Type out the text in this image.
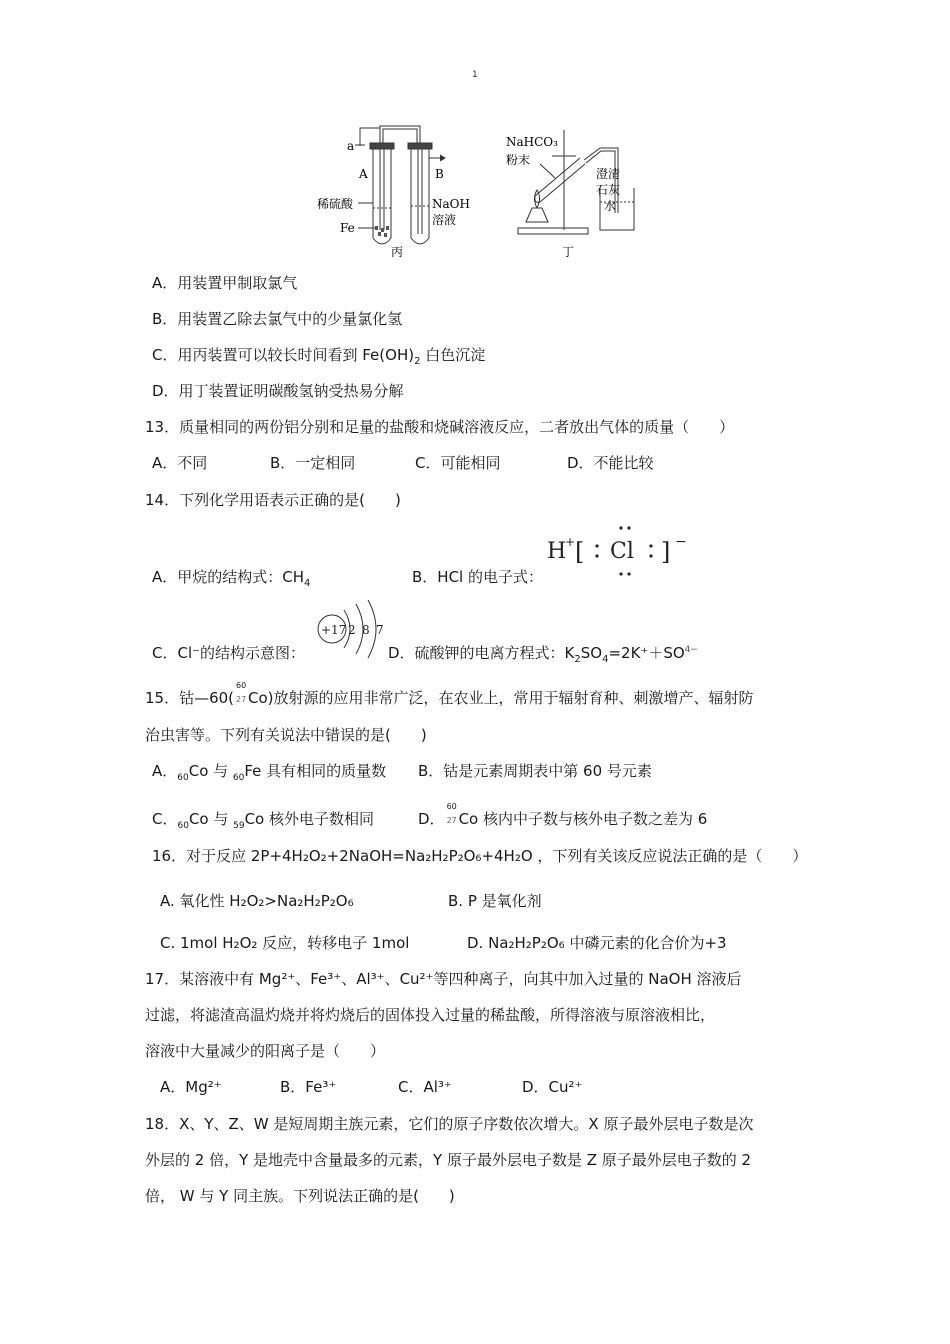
1
a
A	B
稀硫酸
Fe
NaOH
溶液
丙
NaHCO₃
粉末
澄清
石灰
水
丁
A．用装置甲制取氯气
B．用装置乙除去氯气中的少量氯化氢
C．用丙装置可以较长时间看到 $Fe(OH)_2$ 白色沉淀
D．用丁装置证明碳酸氢钠受热易分解
13．质量相同的两份铝分别和足量的盐酸和烧碱溶液反应，二者放出气体的质量（　　）
A．不同	B．一定相同	C．可能相同	D．不能比较
14．下列化学用语表示正确的是(　　)
A．甲烷的结构式：$CH_4$	B．HCl 的电子式：
H
+ [ Cl ] −
C．Cl⁻的结构示意图：
+17 2 8 7
D．硫酸钾的电离方程式：$K_2SO_4=2K^++SO^{4-}$
15．钴—60(
60
27 Co)放射源的应用非常广泛，在农业上，常用于辐射育种、刺激增产、辐射防
治虫害等。下列有关说法中错误的是(　　)
A．$_{60}$Co 与 $_{60}$Fe 具有相同的质量数 B．钴是元素周期表中第 60 号元素
C．$_{60}$Co 与 $_{59}$Co 核外电子数相同	D．
60
27 Co 核内中子数与核外电子数之差为 6
16．对于反应 2P+4H₂O₂+2NaOH=Na₂H₂P₂O₆+4H₂O ，下列有关该反应说法正确的是（　　）
A. 氧化性 H₂O₂>Na₂H₂P₂O₆	B. P 是氧化剂
C. 1mol H₂O₂ 反应，转移电子 1mol	D. Na₂H₂P₂O₆ 中磷元素的化合价为+3
17．某溶液中有 Mg²⁺、Fe³⁺、Al³⁺、Cu²⁺等四种离子，向其中加入过量的 NaOH 溶液后
过滤，将滤渣高温灼烧并将灼烧后的固体投入过量的稀盐酸，所得溶液与原溶液相比，
溶液中大量减少的阳离子是（　　）
A．Mg²⁺	B．Fe³⁺	C．Al³⁺	D．Cu²⁺
18．X、Y、Z、W 是短周期主族元素，它们的原子序数依次增大。X 原子最外层电子数是次
外层的 2 倍，Y 是地壳中含量最多的元素，Y 原子最外层电子数是 Z 原子最外层电子数的 2
倍， W 与 Y 同主族。下列说法正确的是(　　)
